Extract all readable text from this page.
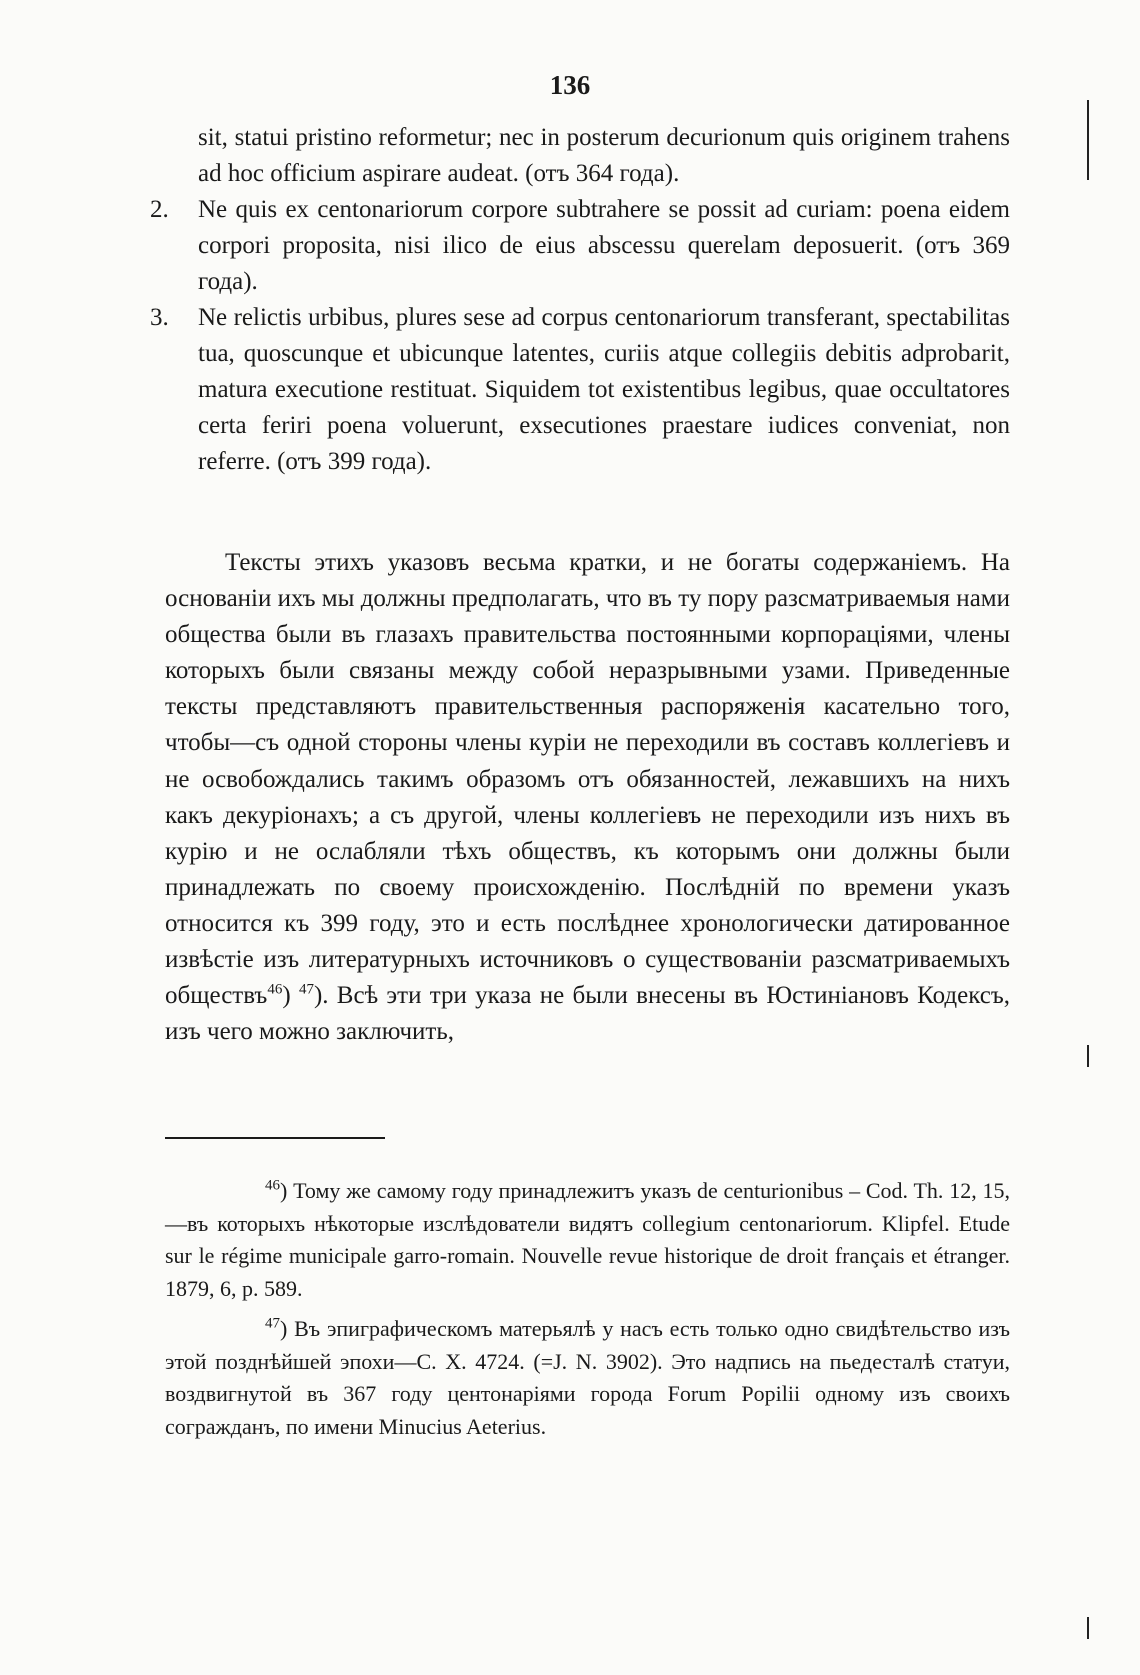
136
sit, statui pristino reformetur; nec in posterum decurionum quis originem trahens ad hoc officium aspirare audeat. (отъ 364 года).
2.	Ne quis ex centonariorum corpore subtrahere se possit ad curiam: poena eidem corpori proposita, nisi ilico de eius abscessu querelam deposuerit. (отъ 369 года).
3.	Ne relictis urbibus, plures sese ad corpus centonariorum transferant, spectabilitas tua, quoscunque et ubicunque latentes, curiis atque collegiis debitis adprobarit, matura executione restituat. Siquidem tot existentibus legibus, quae occultatores certa feriri poena voluerunt, exsecutiones praestare iudices conveniat, non referre. (отъ 399 года).

Тексты этихъ указовъ весьма кратки, и не богаты содержаніемъ. На основаніи ихъ мы должны предполагать, что въ ту пору разсматриваемыя нами общества были въ глазахъ правительства постоянными корпораціями, члены которыхъ были связаны между собой неразрывными узами. Приведенные тексты представляютъ правительственныя распоряженія касательно того, чтобы—съ одной стороны члены куріи не переходили въ составъ коллегіевъ и не освобождались такимъ образомъ отъ обязанностей, лежавшихъ на нихъ какъ декуріонахъ; а съ другой, члены коллегіевъ не переходили изъ нихъ въ курію и не ослабляли тѣхъ обществъ, къ которымъ они должны были принадлежать по своему происхожденію. Послѣдній по времени указъ относится къ 399 году, это и есть послѣднее хронологически датированное извѣстіе изъ литературныхъ источниковъ о существованіи разсматриваемыхъ обществъ$^{46}$) $^{47}$). Всѣ эти три указа не были внесены въ Юстиніановъ Кодексъ, изъ чего можно заключить,

$^{46}$) Тому же самому году принадлежитъ указъ de centurionibus – Cod. Th. 12, 15,—въ которыхъ нѣкоторые изслѣдователи видятъ collegium centonariorum. Klipfel. Etude sur le régime municipale garro-romain. Nouvelle revue historique de droit français et étranger. 1879, 6, p. 589.

$^{47}$) Въ эпиграфическомъ матерьялѣ у насъ есть только одно свидѣтельство изъ этой позднѣйшей эпохи—C. X. 4724. (=J. N. 3902). Это надпись на пьедесталѣ статуи, воздвигнутой въ 367 году центонаріями города Forum Popilii одному изъ своихъ согражданъ, по имени Minucius Aeterius.
